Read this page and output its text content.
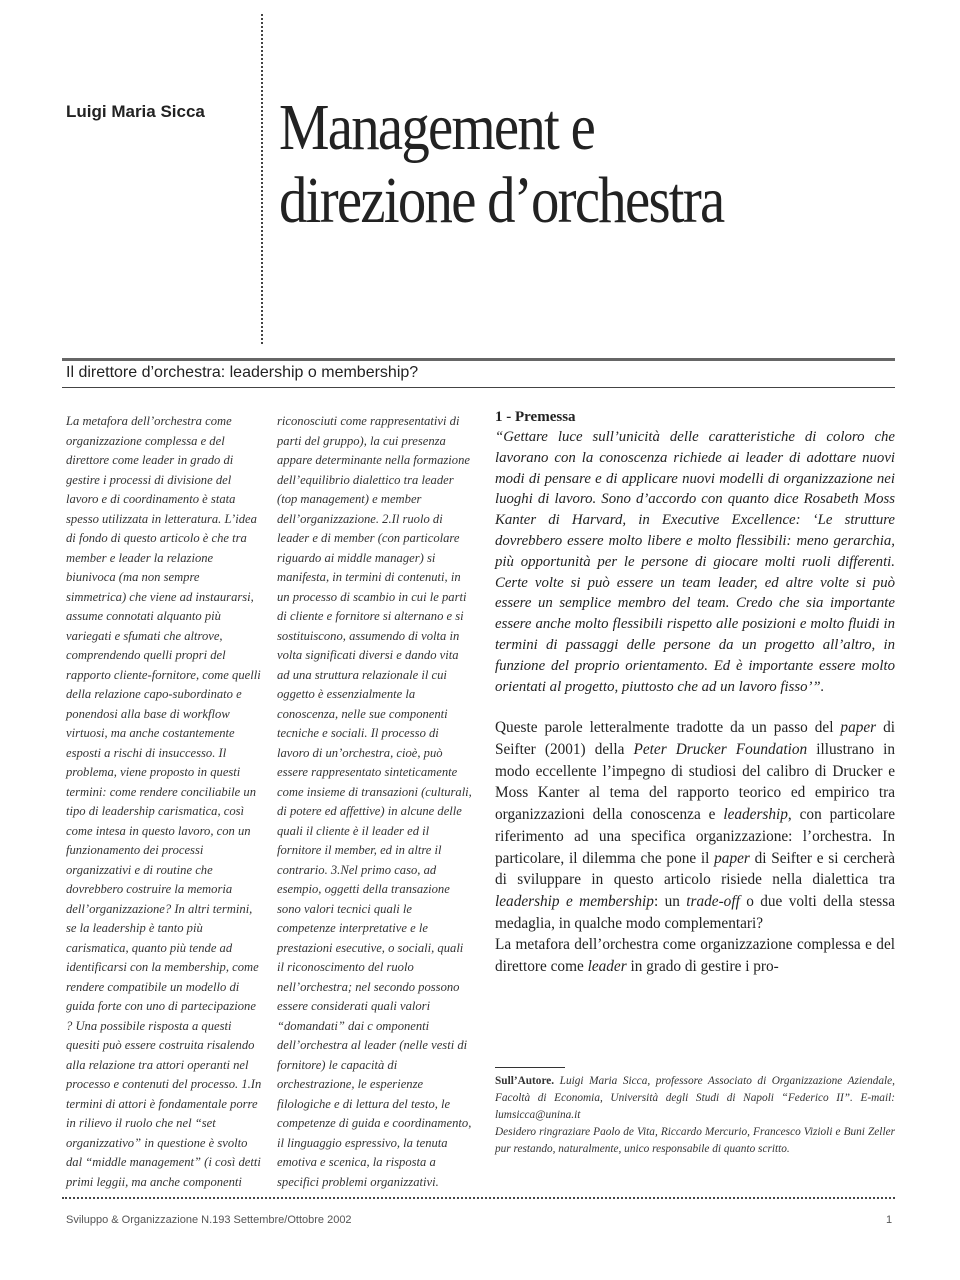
Luigi Maria Sicca Management e
direzione d’orchestra
Il direttore d’orchestra: leadership o membership?
La metafora dell’orchestra come organizzazione complessa e del direttore come leader in grado di gestire i processi di divisione del lavoro e di coordinamento è stata spesso utilizzata in letteratura. L’idea di fondo di questo articolo è che tra member e leader la relazione biunivoca (ma non sempre simmetrica) che viene ad instaurarsi, assume connotati alquanto più variegati e sfumati che altrove, comprendendo quelli propri del rapporto cliente-fornitore, come quelli della relazione capo-subordinato e ponendosi alla base di workflow virtuosi, ma anche costantemente esposti a rischi di insuccesso. Il problema, viene proposto in questi termini: come rendere conciliabile un tipo di leadership carismatica, così come intesa in questo lavoro, con un funzionamento dei processi organizzativi e di routine che dovrebbero costruire la memoria dell’organizzazione? In altri termini, se la leadership è tanto più carismatica, quanto più tende ad identificarsi con la membership, come rendere compatibile un modello di guida forte con uno di partecipazione ? Una possibile risposta a questi quesiti può essere costruita risalendo alla relazione tra attori operanti nel processo e contenuti del processo. 1.In termini di attori è fondamentale porre in rilievo il ruolo che nel “set organizzativo” in questione è svolto dal “middle management” (i così detti primi leggii, ma anche componenti
riconosciuti come rappresentativi di parti del gruppo), la cui presenza appare determinante nella formazione dell’equilibrio dialettico tra leader (top management) e member dell’organizzazione. 2.Il ruolo di leader e di member (con particolare riguardo ai middle manager) si manifesta, in termini di contenuti, in un processo di scambio in cui le parti di cliente e fornitore si alternano e si sostituiscono, assumendo di volta in volta significati diversi e dando vita ad una struttura relazionale il cui oggetto è essenzialmente la conoscenza, nelle sue componenti tecniche e sociali. Il processo di lavoro di un’orchestra, cioè, può essere rappresentato sinteticamente come insieme di transazioni (culturali, di potere ed affettive) in alcune delle quali il cliente è il leader ed il fornitore il member, ed in altre il contrario. 3.Nel primo caso, ad esempio, oggetti della transazione sono valori tecnici quali le competenze interpretative e le prestazioni esecutive, o sociali, quali il riconoscimento del ruolo nell’orchestra; nel secondo possono essere considerati quali valori “domandati” dai c omponenti dell’orchestra al leader (nelle vesti di fornitore) le capacità di orchestrazione, le esperienze filologiche e di lettura del testo, le competenze di guida e coordinamento, il linguaggio espressivo, la tenuta emotiva e scenica, la risposta a specifici problemi organizzativi.

1 - Premessa

“Gettare luce sull’unicità delle caratteristiche di coloro che lavorano con la conoscenza richiede ai leader di adottare nuovi modi di pensare e di applicare nuovi modelli di organizzazione nei luoghi di lavoro. Sono d’accordo con quanto dice Rosabeth Moss Kanter di Harvard, in Executive Excellence: ‘Le strutture dovrebbero essere molto libere e molto flessibili: meno gerarchia, più opportunità per le persone di giocare molti ruoli differenti. Certe volte si può essere un team leader, ed altre volte si può essere un semplice membro del team. Credo che sia importante essere anche molto flessibili rispetto alle posizioni e molto fluidi in termini di passaggi delle persone da un progetto all’altro, in funzione del proprio orientamento. Ed è importante essere molto orientati al progetto, piuttosto che ad un lavoro fisso’”.

Queste parole letteralmente tradotte da un passo del paper di Seifter (2001) della Peter Drucker Foundation illustrano in modo eccellente l’impegno di studiosi del calibro di Drucker e Moss Kanter al tema del rapporto teorico ed empirico tra organizzazioni della conoscenza e leadership, con particolare riferimento ad una specifica organizzazione: l’orchestra. In particolare, il dilemma che pone il paper di Seifter e si cercherà di sviluppare in questo articolo risiede nella dialettica tra leadership e membership: un trade-off o due volti della stessa medaglia, in qualche modo complementari?

La metafora dell’orchestra come organizzazione complessa e del direttore come leader in grado di gestire i pro-

Sull’Autore. Luigi Maria Sicca, professore Associato di Organizzazione Aziendale, Facoltà di Economia, Università degli Studi di Napoli “Federico II”. E-mail: lumsicca@unina.it

Desidero ringraziare Paolo de Vita, Riccardo Mercurio, Francesco Vizioli e Buni Zeller pur restando, naturalmente, unico responsabile di quanto scritto.

Sviluppo & Organizzazione N.193 Settembre/Ottobre 2002	1
